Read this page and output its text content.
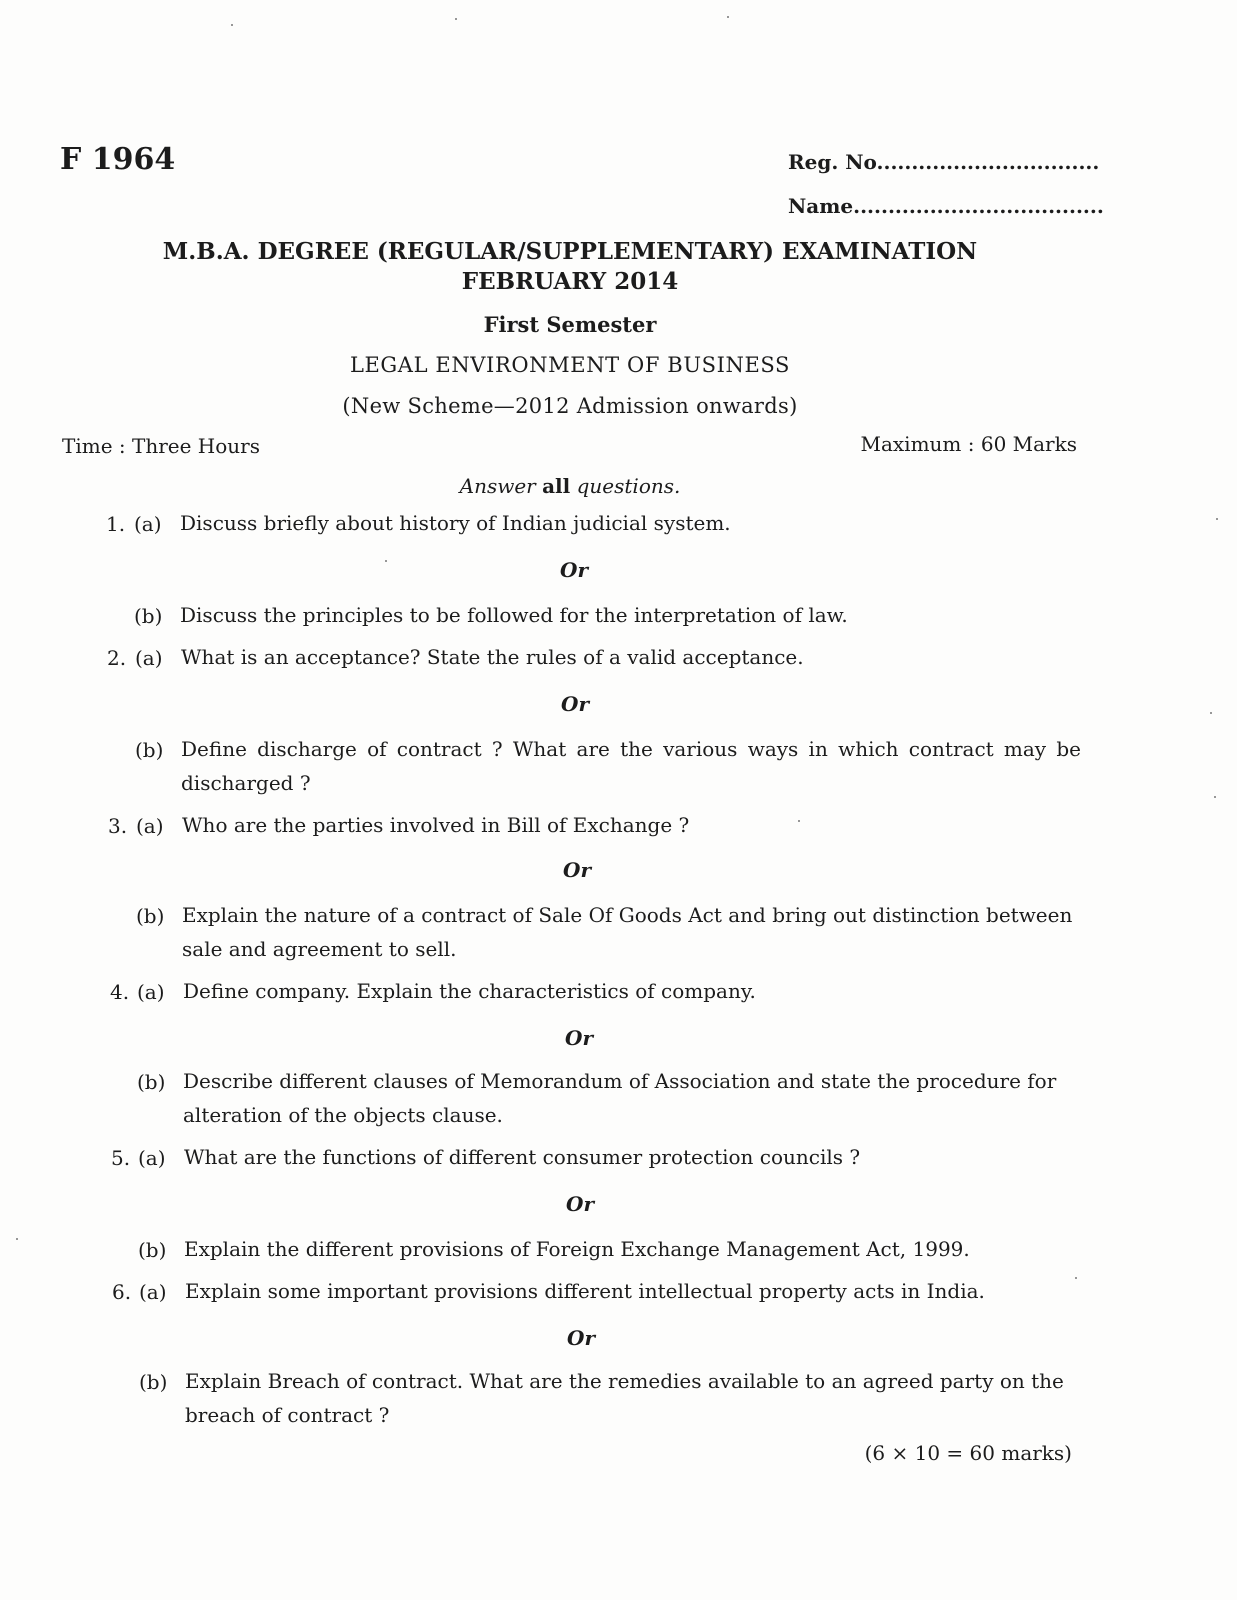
F 1964	Reg. No................................
Name....................................
M.B.A. DEGREE (REGULAR/SUPPLEMENTARY) EXAMINATION
FEBRUARY 2014
First Semester
LEGAL ENVIRONMENT OF BUSINESS
(New Scheme—2012 Admission onwards)
Time : Three Hours	Maximum : 60 Marks
Answer all questions.
1. (a) Discuss briefly about history of Indian judicial system.
Or
(b) Discuss the principles to be followed for the interpretation of law.
2. (a) What is an acceptance? State the rules of a valid acceptance.
Or
(b) Define discharge of contract ? What are the various ways in which contract may be discharged ?
3. (a) Who are the parties involved in Bill of Exchange ?
Or
(b) Explain the nature of a contract of Sale Of Goods Act and bring out distinction between sale and agreement to sell.
4. (a) Define company. Explain the characteristics of company.
Or
(b) Describe different clauses of Memorandum of Association and state the procedure for alteration of the objects clause.
5. (a) What are the functions of different consumer protection councils ?
Or
(b) Explain the different provisions of Foreign Exchange Management Act, 1999.
6. (a) Explain some important provisions different intellectual property acts in India.
Or
(b) Explain Breach of contract. What are the remedies available to an agreed party on the breach of contract ?
(6 × 10 = 60 marks)
